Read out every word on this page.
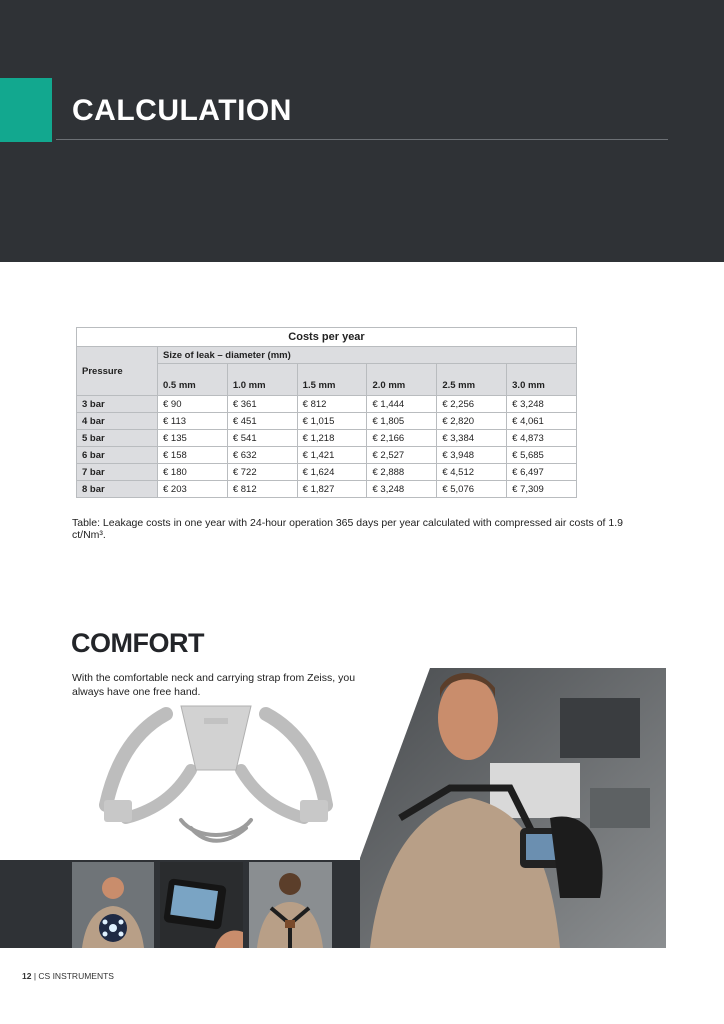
CALCULATION
Costs per year						
Pressure	Size of leak – diameter (mm)					
	0.5 mm	1.0 mm	1.5 mm	2.0 mm	2.5 mm	3.0 mm
3 bar	€ 90	€ 361	€ 812	€ 1,444	€ 2,256	€ 3,248
4 bar	€ 113	€ 451	€ 1,015	€ 1,805	€ 2,820	€ 4,061
5 bar	€ 135	€ 541	€ 1,218	€ 2,166	€ 3,384	€ 4,873
6 bar	€ 158	€ 632	€ 1,421	€ 2,527	€ 3,948	€ 5,685
7 bar	€ 180	€ 722	€ 1,624	€ 2,888	€ 4,512	€ 6,497
8 bar	€ 203	€ 812	€ 1,827	€ 3,248	€ 5,076	€ 7,309
Table: Leakage costs in one year with 24-hour operation 365 days per year calculated with compressed air costs of 1.9 ct/Nm³.
COMFORT
With the comfortable neck and carrying strap from Zeiss, you always have one free hand.
12 | CS INSTRUMENTS
